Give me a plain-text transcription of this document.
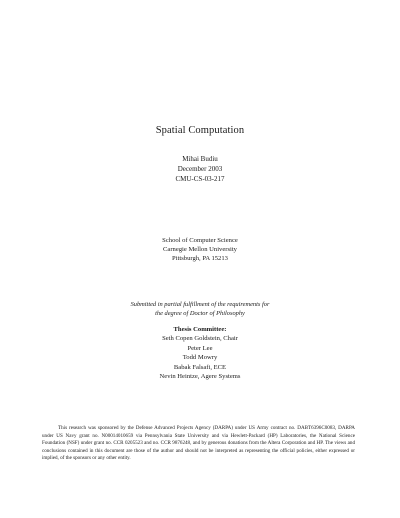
Spatial Computation
Mihai Budiu
December 2003
CMU-CS-03-217
School of Computer Science
Carnegie Mellon University
Pittsburgh, PA 15213
Submitted in partial fulfillment of the requirements for
the degree of Doctor of Philosophy
Thesis Committee:
Seth Copen Goldstein, Chair
Peter Lee
Todd Mowry
Babak Falsafi, ECE
Nevin Heintze, Agere Systems
This research was sponsored by the Defense Advanced Projects Agency (DARPA) under US Army contract no. DABT6396C0083, DARPA under US Navy grant no. N00014010659 via Pennsylvania State University and via Hewlett-Packard (HP) Laboratories, the National Science Foundation (NSF) under grant no. CCR 0205523 and no. CCR 9876248, and by generous donations from the Altera Corporation and HP. The views and conclusions contained in this document are those of the author and should not be interpreted as representing the official policies, either expressed or implied, of the sponsors or any other entity.
